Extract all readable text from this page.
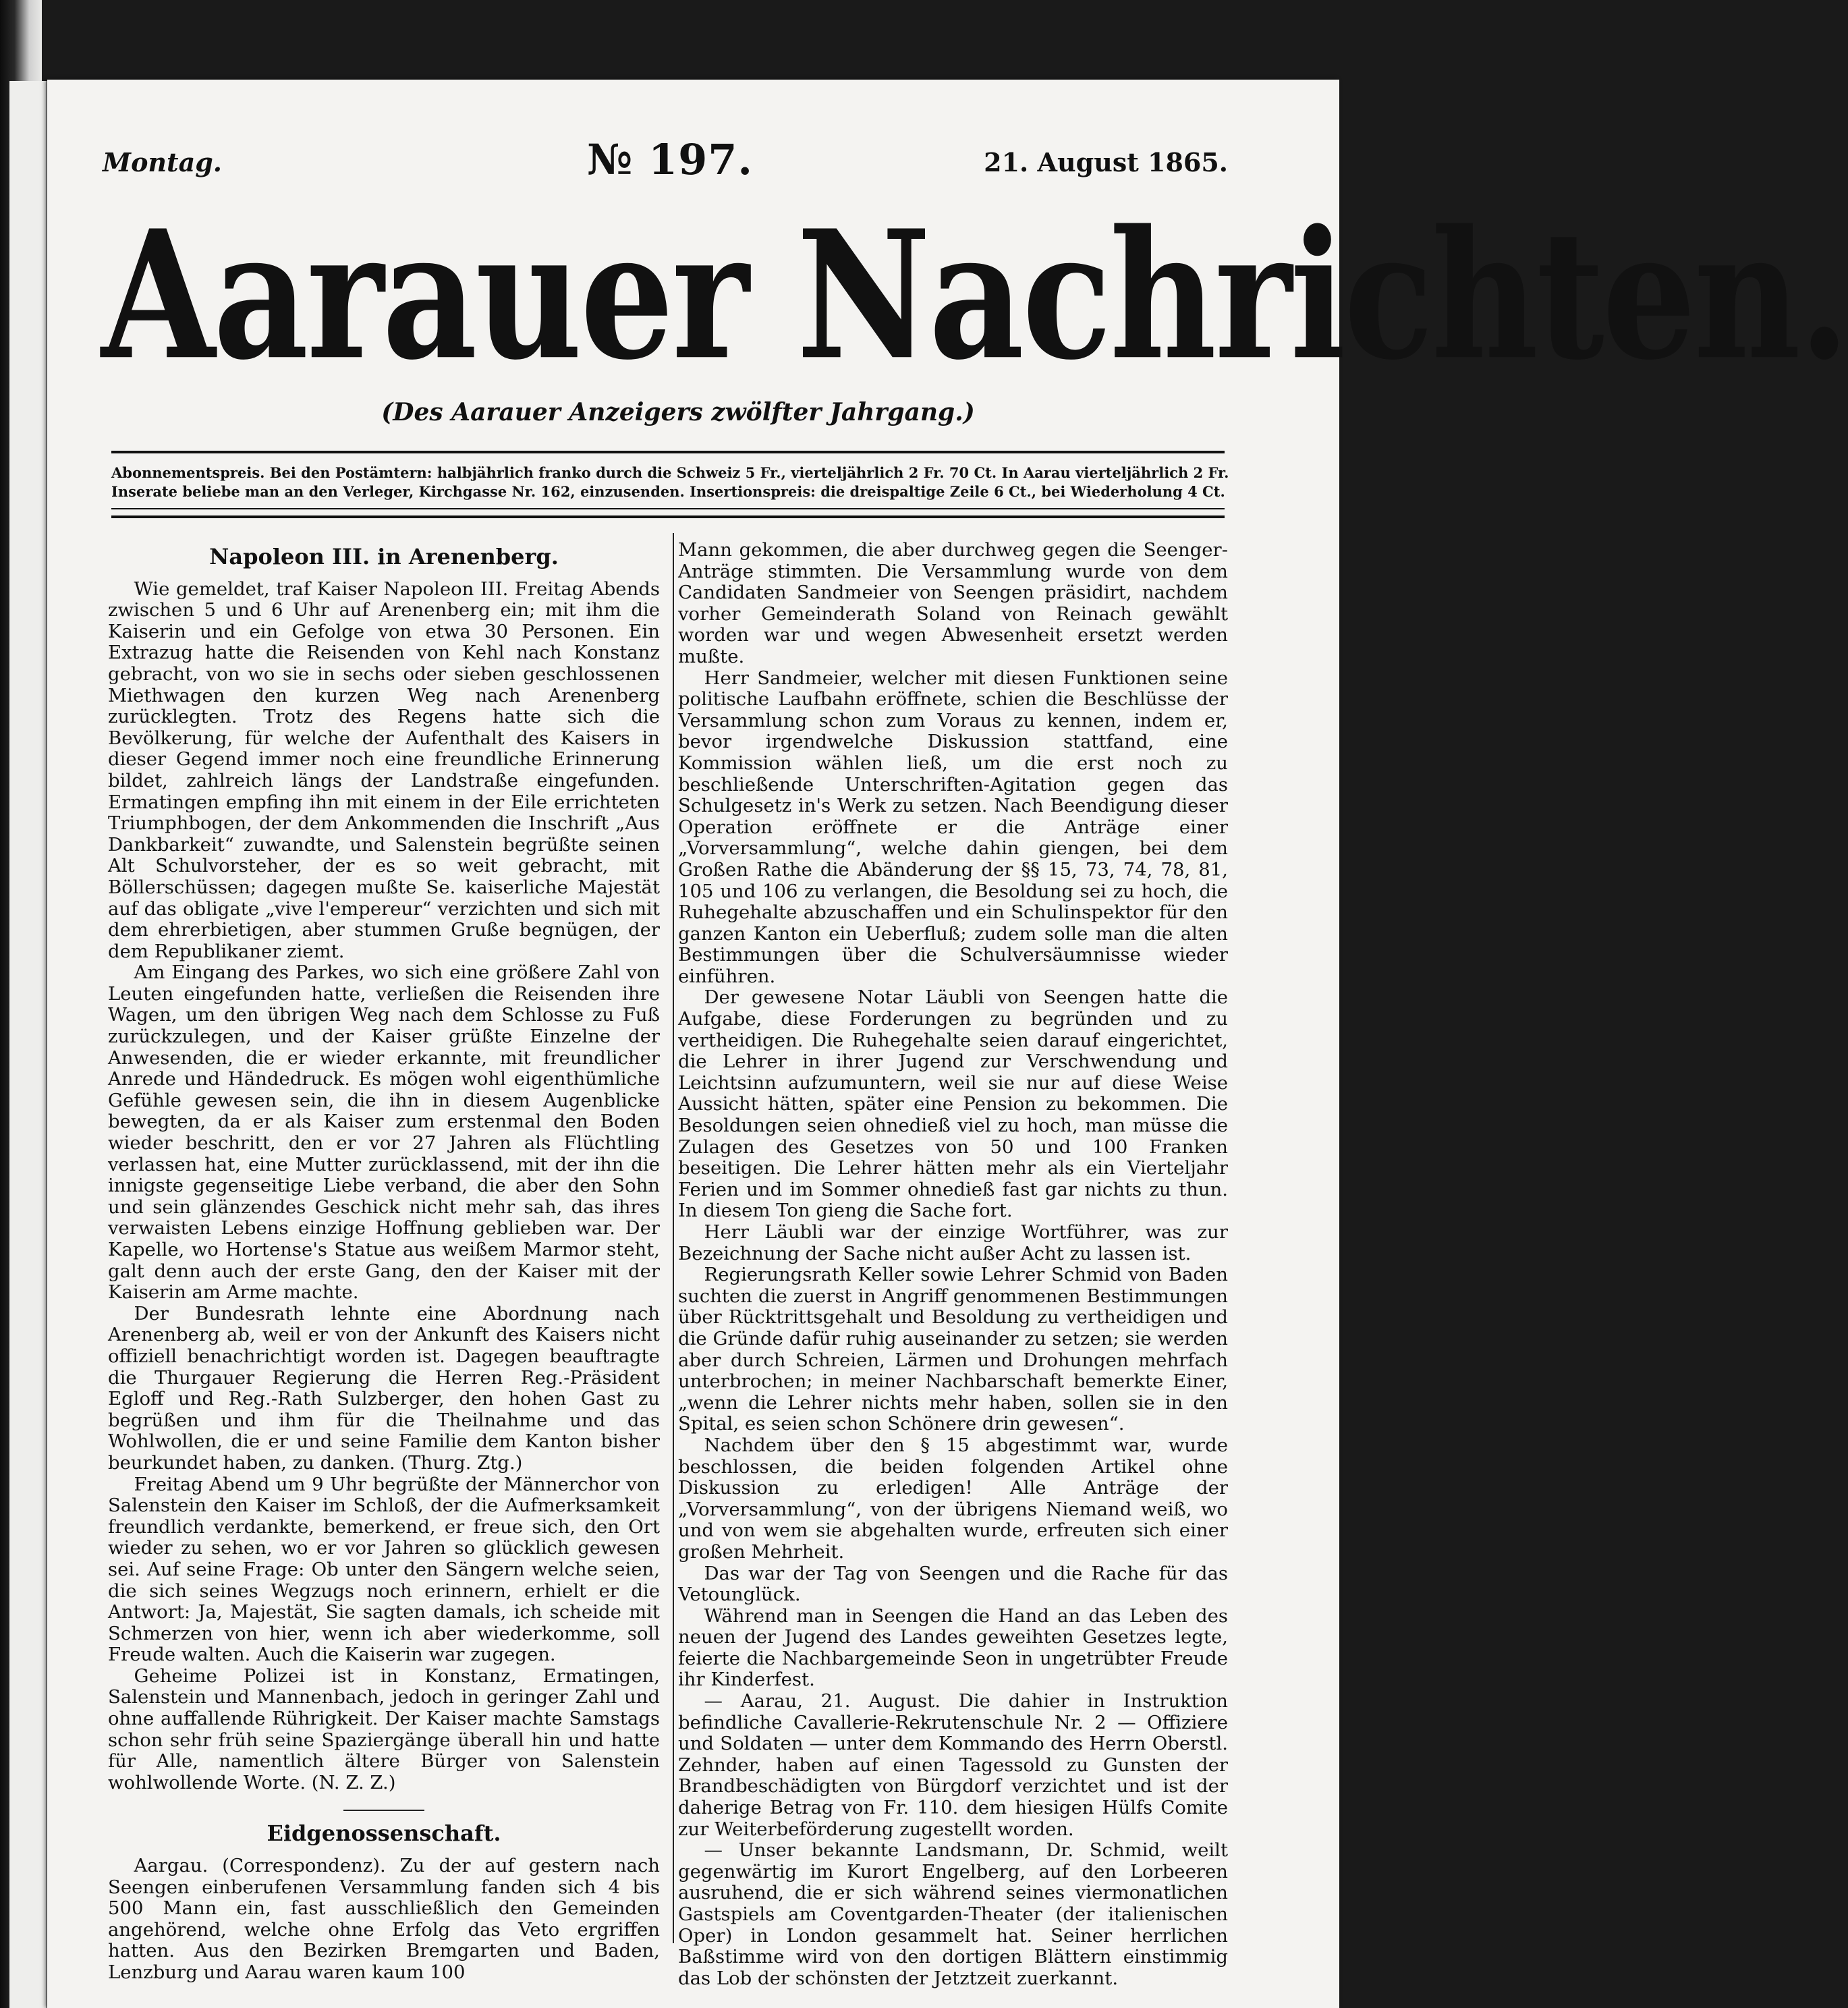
Montag.	№ 197.	21. August 1865.
Aarauer Nachrichten.
(Des Aarauer Anzeigers zwölfter Jahrgang.)
Abonnementspreis. Bei den Postämtern: halbjährlich franko durch die Schweiz 5 Fr., vierteljährlich 2 Fr. 70 Ct. In Aarau vierteljährlich 2 Fr.
Inserate beliebe man an den Verleger, Kirchgasse Nr. 162, einzusenden. Insertionspreis: die dreispaltige Zeile 6 Ct., bei Wiederholung 4 Ct.
Napoleon III. in Arenenberg.

Wie gemeldet, traf Kaiser Napoleon III. Freitag Abends zwischen 5 und 6 Uhr auf Arenenberg ein; mit ihm die Kaiserin und ein Gefolge von etwa 30 Personen. Ein Extrazug hatte die Reisenden von Kehl nach Konstanz gebracht, von wo sie in sechs oder sieben geschlossenen Miethwagen den kurzen Weg nach Arenenberg zurücklegten. Trotz des Regens hatte sich die Bevölkerung, für welche der Aufenthalt des Kaisers in dieser Gegend immer noch eine freundliche Erinnerung bildet, zahlreich längs der Landstraße eingefunden. Ermatingen empfing ihn mit einem in der Eile errichteten Triumphbogen, der dem Ankommenden die Inschrift „Aus Dankbarkeit“ zuwandte, und Salenstein begrüßte seinen Alt Schulvorsteher, der es so weit gebracht, mit Böllerschüssen; dagegen mußte Se. kaiserliche Majestät auf das obligate „vive l'empereur“ verzichten und sich mit dem ehrerbietigen, aber stummen Gruße begnügen, der dem Republikaner ziemt.

Am Eingang des Parkes, wo sich eine größere Zahl von Leuten eingefunden hatte, verließen die Reisenden ihre Wagen, um den übrigen Weg nach dem Schlosse zu Fuß zurückzulegen, und der Kaiser grüßte Einzelne der Anwesenden, die er wieder erkannte, mit freundlicher Anrede und Händedruck. Es mögen wohl eigenthümliche Gefühle gewesen sein, die ihn in diesem Augenblicke bewegten, da er als Kaiser zum erstenmal den Boden wieder beschritt, den er vor 27 Jahren als Flüchtling verlassen hat, eine Mutter zurücklassend, mit der ihn die innigste gegenseitige Liebe verband, die aber den Sohn und sein glänzendes Geschick nicht mehr sah, das ihres verwaisten Lebens einzige Hoffnung geblieben war. Der Kapelle, wo Hortense's Statue aus weißem Marmor steht, galt denn auch der erste Gang, den der Kaiser mit der Kaiserin am Arme machte.

Der Bundesrath lehnte eine Abordnung nach Arenenberg ab, weil er von der Ankunft des Kaisers nicht offiziell benachrichtigt worden ist. Dagegen beauftragte die Thurgauer Regierung die Herren Reg.-Präsident Egloff und Reg.-Rath Sulzberger, den hohen Gast zu begrüßen und ihm für die Theilnahme und das Wohlwollen, die er und seine Familie dem Kanton bisher beurkundet haben, zu danken. (Thurg. Ztg.)

Freitag Abend um 9 Uhr begrüßte der Männerchor von Salenstein den Kaiser im Schloß, der die Aufmerksamkeit freundlich verdankte, bemerkend, er freue sich, den Ort wieder zu sehen, wo er vor Jahren so glücklich gewesen sei. Auf seine Frage: Ob unter den Sängern welche seien, die sich seines Wegzugs noch erinnern, erhielt er die Antwort: Ja, Majestät, Sie sagten damals, ich scheide mit Schmerzen von hier, wenn ich aber wiederkomme, soll Freude walten. Auch die Kaiserin war zugegen.

Geheime Polizei ist in Konstanz, Ermatingen, Salenstein und Mannenbach, jedoch in geringer Zahl und ohne auffallende Rührigkeit. Der Kaiser machte Samstags schon sehr früh seine Spaziergänge überall hin und hatte für Alle, namentlich ältere Bürger von Salenstein wohlwollende Worte. (N. Z. Z.)

Eidgenossenschaft.

Aargau. (Correspondenz). Zu der auf gestern nach Seengen einberufenen Versammlung fanden sich 4 bis 500 Mann ein, fast ausschließlich den Gemeinden angehörend, welche ohne Erfolg das Veto ergriffen hatten. Aus den Bezirken Bremgarten und Baden, Lenzburg und Aarau waren kaum 100

Mann gekommen, die aber durchweg gegen die Seenger-Anträge stimmten. Die Versammlung wurde von dem Candidaten Sandmeier von Seengen präsidirt, nachdem vorher Gemeinderath Soland von Reinach gewählt worden war und wegen Abwesenheit ersetzt werden mußte.

Herr Sandmeier, welcher mit diesen Funktionen seine politische Laufbahn eröffnete, schien die Beschlüsse der Versammlung schon zum Voraus zu kennen, indem er, bevor irgendwelche Diskussion stattfand, eine Kommission wählen ließ, um die erst noch zu beschließende Unterschriften-Agitation gegen das Schulgesetz in's Werk zu setzen. Nach Beendigung dieser Operation eröffnete er die Anträge einer „Vorversammlung“, welche dahin giengen, bei dem Großen Rathe die Abänderung der §§ 15, 73, 74, 78, 81, 105 und 106 zu verlangen, die Besoldung sei zu hoch, die Ruhegehalte abzuschaffen und ein Schulinspektor für den ganzen Kanton ein Ueberfluß; zudem solle man die alten Bestimmungen über die Schulversäumnisse wieder einführen.

Der gewesene Notar Läubli von Seengen hatte die Aufgabe, diese Forderungen zu begründen und zu vertheidigen. Die Ruhegehalte seien darauf eingerichtet, die Lehrer in ihrer Jugend zur Verschwendung und Leichtsinn aufzumuntern, weil sie nur auf diese Weise Aussicht hätten, später eine Pension zu bekommen. Die Besoldungen seien ohnedieß viel zu hoch, man müsse die Zulagen des Gesetzes von 50 und 100 Franken beseitigen. Die Lehrer hätten mehr als ein Vierteljahr Ferien und im Sommer ohnedieß fast gar nichts zu thun. In diesem Ton gieng die Sache fort.

Herr Läubli war der einzige Wortführer, was zur Bezeichnung der Sache nicht außer Acht zu lassen ist.

Regierungsrath Keller sowie Lehrer Schmid von Baden suchten die zuerst in Angriff genommenen Bestimmungen über Rücktrittsgehalt und Besoldung zu vertheidigen und die Gründe dafür ruhig auseinander zu setzen; sie werden aber durch Schreien, Lärmen und Drohungen mehrfach unterbrochen; in meiner Nachbarschaft bemerkte Einer, „wenn die Lehrer nichts mehr haben, sollen sie in den Spital, es seien schon Schönere drin gewesen“.

Nachdem über den § 15 abgestimmt war, wurde beschlossen, die beiden folgenden Artikel ohne Diskussion zu erledigen! Alle Anträge der „Vorversammlung“, von der übrigens Niemand weiß, wo und von wem sie abgehalten wurde, erfreuten sich einer großen Mehrheit.

Das war der Tag von Seengen und die Rache für das Vetounglück.

Während man in Seengen die Hand an das Leben des neuen der Jugend des Landes geweihten Gesetzes legte, feierte die Nachbargemeinde Seon in ungetrübter Freude ihr Kinderfest.

— Aarau, 21. August. Die dahier in Instruktion befindliche Cavallerie-Rekrutenschule Nr. 2 — Offiziere und Soldaten — unter dem Kommando des Herrn Oberstl. Zehnder, haben auf einen Tagessold zu Gunsten der Brandbeschädigten von Bürgdorf verzichtet und ist der daherige Betrag von Fr. 110. dem hiesigen Hülfs Comite zur Weiterbeförderung zugestellt worden.

— Unser bekannte Landsmann, Dr. Schmid, weilt gegenwärtig im Kurort Engelberg, auf den Lorbeeren ausruhend, die er sich während seines viermonatlichen Gastspiels am Coventgarden-Theater (der italienischen Oper) in London gesammelt hat. Seiner herrlichen Baßstimme wird von den dortigen Blättern einstimmig das Lob der schönsten der Jetztzeit zuerkannt.
